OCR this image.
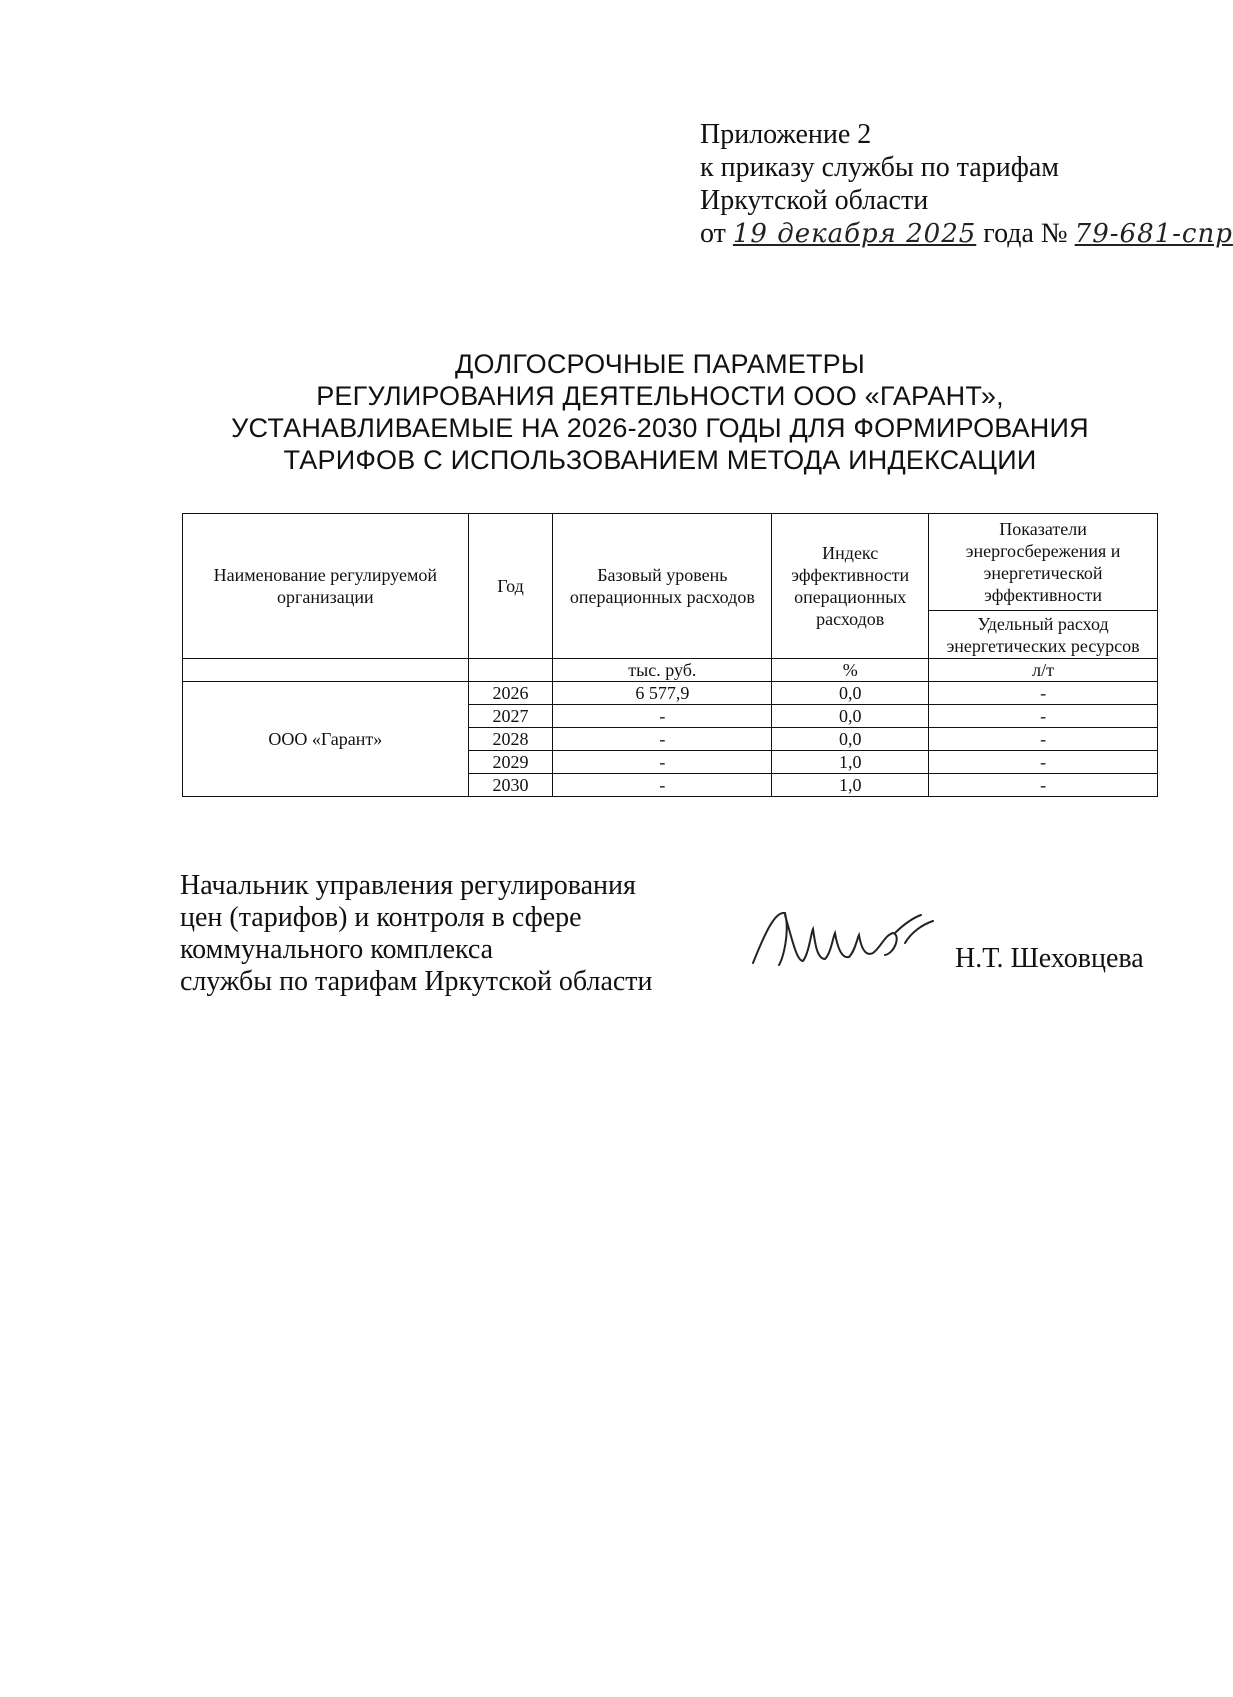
Приложение 2
к приказу службы по тарифам
Иркутской области
от 19 декабря 2025 года № 79-681-спр
ДОЛГОСРОЧНЫЕ ПАРАМЕТРЫ
РЕГУЛИРОВАНИЯ ДЕЯТЕЛЬНОСТИ ООО «ГАРАНТ»,
УСТАНАВЛИВАЕМЫЕ НА 2026-2030 ГОДЫ ДЛЯ ФОРМИРОВАНИЯ
ТАРИФОВ С ИСПОЛЬЗОВАНИЕМ МЕТОДА ИНДЕКСАЦИИ
Наименование регулируемой организации	Год	Базовый уровень операционных расходов	Индекс эффективности операционных расходов	Показатели энергосбережения и энергетической эффективности
				Удельный расход энергетических ресурсов
		тыс. руб.	%	л/т
ООО «Гарант»	2026	6 577,9	0,0	-
	2027	-	0,0	-
	2028	-	0,0	-
	2029	-	1,0	-
	2030	-	1,0	-
Начальник управления регулирования
цен (тарифов) и контроля в сфере
коммунального комплекса
службы по тарифам Иркутской области
Н.Т. Шеховцева
